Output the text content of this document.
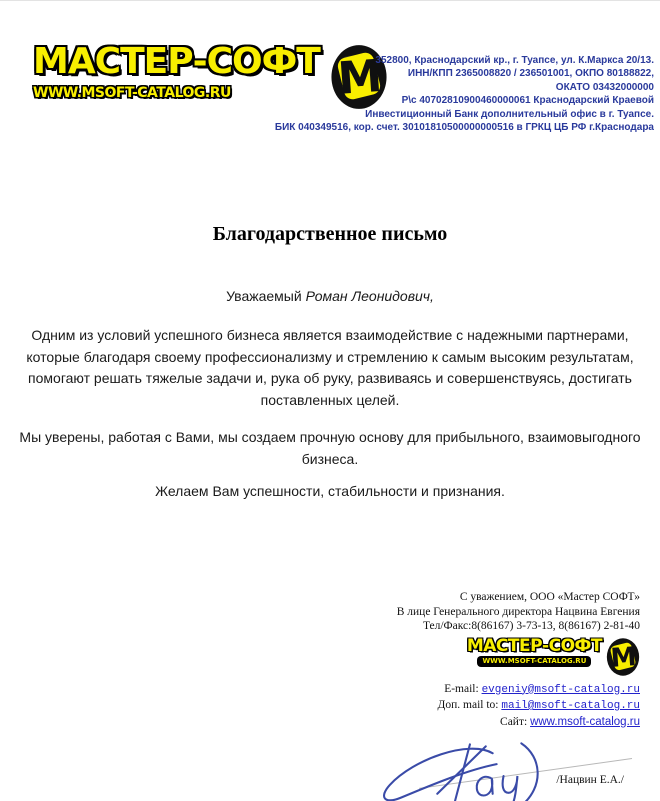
МАСТЕР-СОФТ
WWW.MSOFT-CATALOG.RU	М
352800, Краснодарский кр., г. Туапсе, ул. К.Маркса 20/13.
ИНН/КПП 2365008820 / 236501001, ОКПО 80188822,
ОКАТО 03432000000
Р\с 40702810900460000061 Краснодарский Краевой
Инвестиционный Банк дополнительный офис в г. Туапсе.
БИК 040349516, кор. счет. 30101810500000000516 в ГРКЦ ЦБ РФ г.Краснодара
Благодарственное письмо
Уважаемый Роман Леонидович,

Одним из условий успешного бизнеса является взаимодействие с надежными партнерами, которые благодаря своему профессионализму и стремлению к самым высоким результатам, помогают решать тяжелые задачи и, рука об руку, развиваясь и совершенствуясь, достигать поставленных целей.

Мы уверены, работая с Вами, мы создаем прочную основу для прибыльного, взаимовыгодного бизнеса.

Желаем Вам успешности, стабильности и признания.

С уважением, ООО «Мастер СОФТ»
В лице Генерального директора Нацвина Евгения
Тел/Факс:8(86167) 3-73-13, 8(86167) 2-81-40
МАСТЕР-СОФТ
WWW.MSOFT-CATALOG.RU М
E-mail: evgeniy@msoft-catalog.ru
Доп. mail to: mail@msoft-catalog.ru
Сайт: www.msoft-catalog.ru
/Нацвин Е.А./
